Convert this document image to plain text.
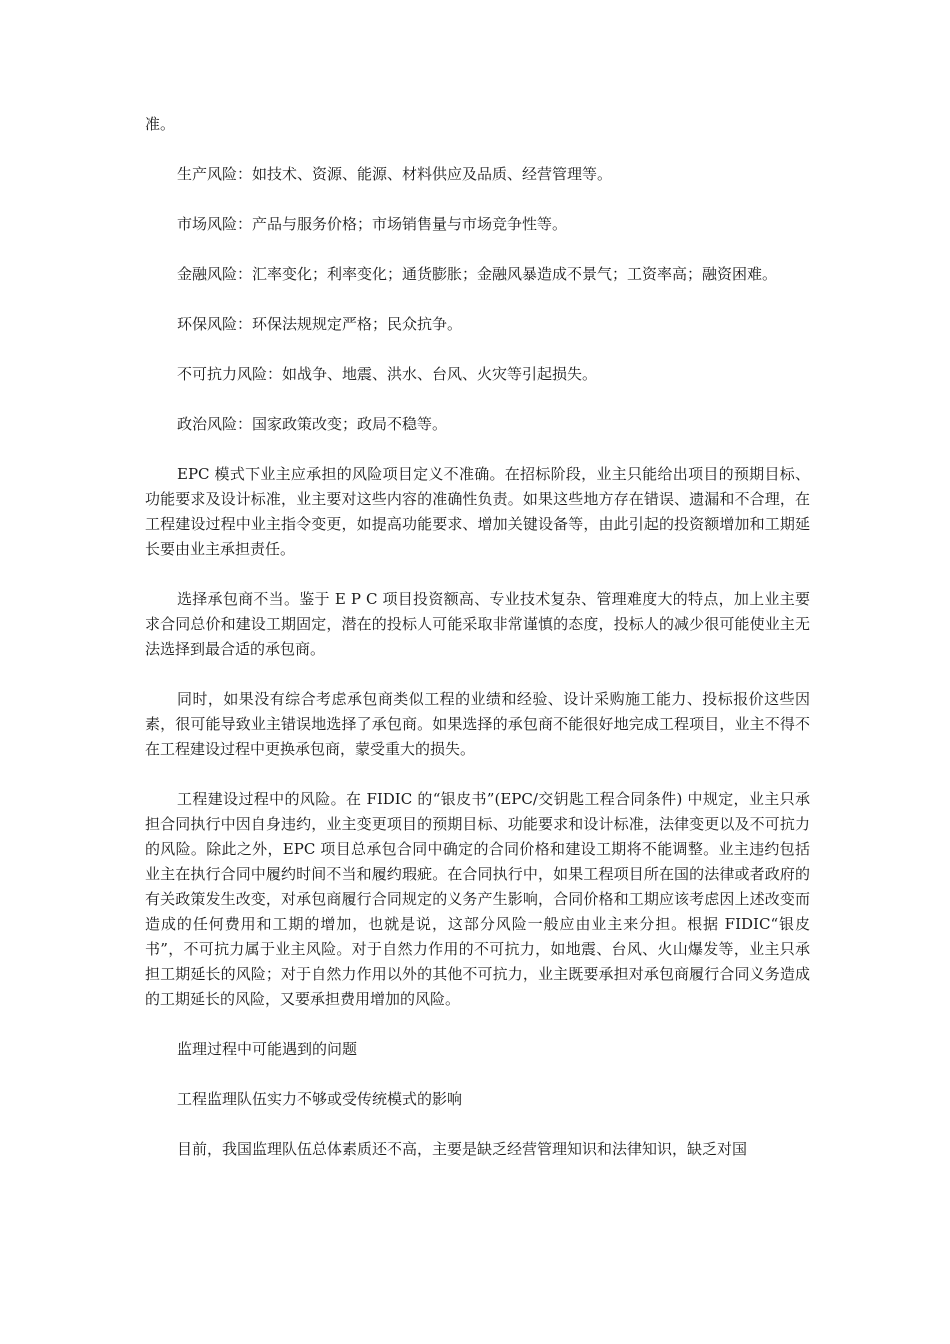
准。

生产风险：如技术、资源、能源、材料供应及品质、经营管理等。

市场风险：产品与服务价格；市场销售量与市场竞争性等。

金融风险：汇率变化；利率变化；通货膨胀；金融风暴造成不景气；工资率高；融资困难。

环保风险：环保法规规定严格；民众抗争。

不可抗力风险：如战争、地震、洪水、台风、火灾等引起损失。

政治风险：国家政策改变；政局不稳等。

EPC 模式下业主应承担的风险项目定义不准确。在招标阶段，业主只能给出项目的预期目标、功能要求及设计标准，业主要对这些内容的准确性负责。如果这些地方存在错误、遗漏和不合理，在工程建设过程中业主指令变更，如提高功能要求、增加关键设备等，由此引起的投资额增加和工期延长要由业主承担责任。

选择承包商不当。鉴于 E P C 项目投资额高、专业技术复杂、管理难度大的特点，加上业主要求合同总价和建设工期固定，潜在的投标人可能采取非常谨慎的态度，投标人的减少很可能使业主无法选择到最合适的承包商。

同时，如果没有综合考虑承包商类似工程的业绩和经验、设计采购施工能力、投标报价这些因素，很可能导致业主错误地选择了承包商。如果选择的承包商不能很好地完成工程项目，业主不得不在工程建设过程中更换承包商，蒙受重大的损失。

工程建设过程中的风险。在 FIDIC 的“银皮书”(EPC/交钥匙工程合同条件) 中规定，业主只承担合同执行中因自身违约，业主变更项目的预期目标、功能要求和设计标准，法律变更以及不可抗力的风险。除此之外，EPC 项目总承包合同中确定的合同价格和建设工期将不能调整。业主违约包括业主在执行合同中履约时间不当和履约瑕疵。在合同执行中，如果工程项目所在国的法律或者政府的有关政策发生改变，对承包商履行合同规定的义务产生影响，合同价格和工期应该考虑因上述改变而造成的任何费用和工期的增加，也就是说，这部分风险一般应由业主来分担。根据 FIDIC“银皮书”，不可抗力属于业主风险。对于自然力作用的不可抗力，如地震、台风、火山爆发等，业主只承担工期延长的风险；对于自然力作用以外的其他不可抗力，业主既要承担对承包商履行合同义务造成的工期延长的风险，又要承担费用增加的风险。

监理过程中可能遇到的问题

工程监理队伍实力不够或受传统模式的影响

目前，我国监理队伍总体素质还不高，主要是缺乏经营管理知识和法律知识，缺乏对国
